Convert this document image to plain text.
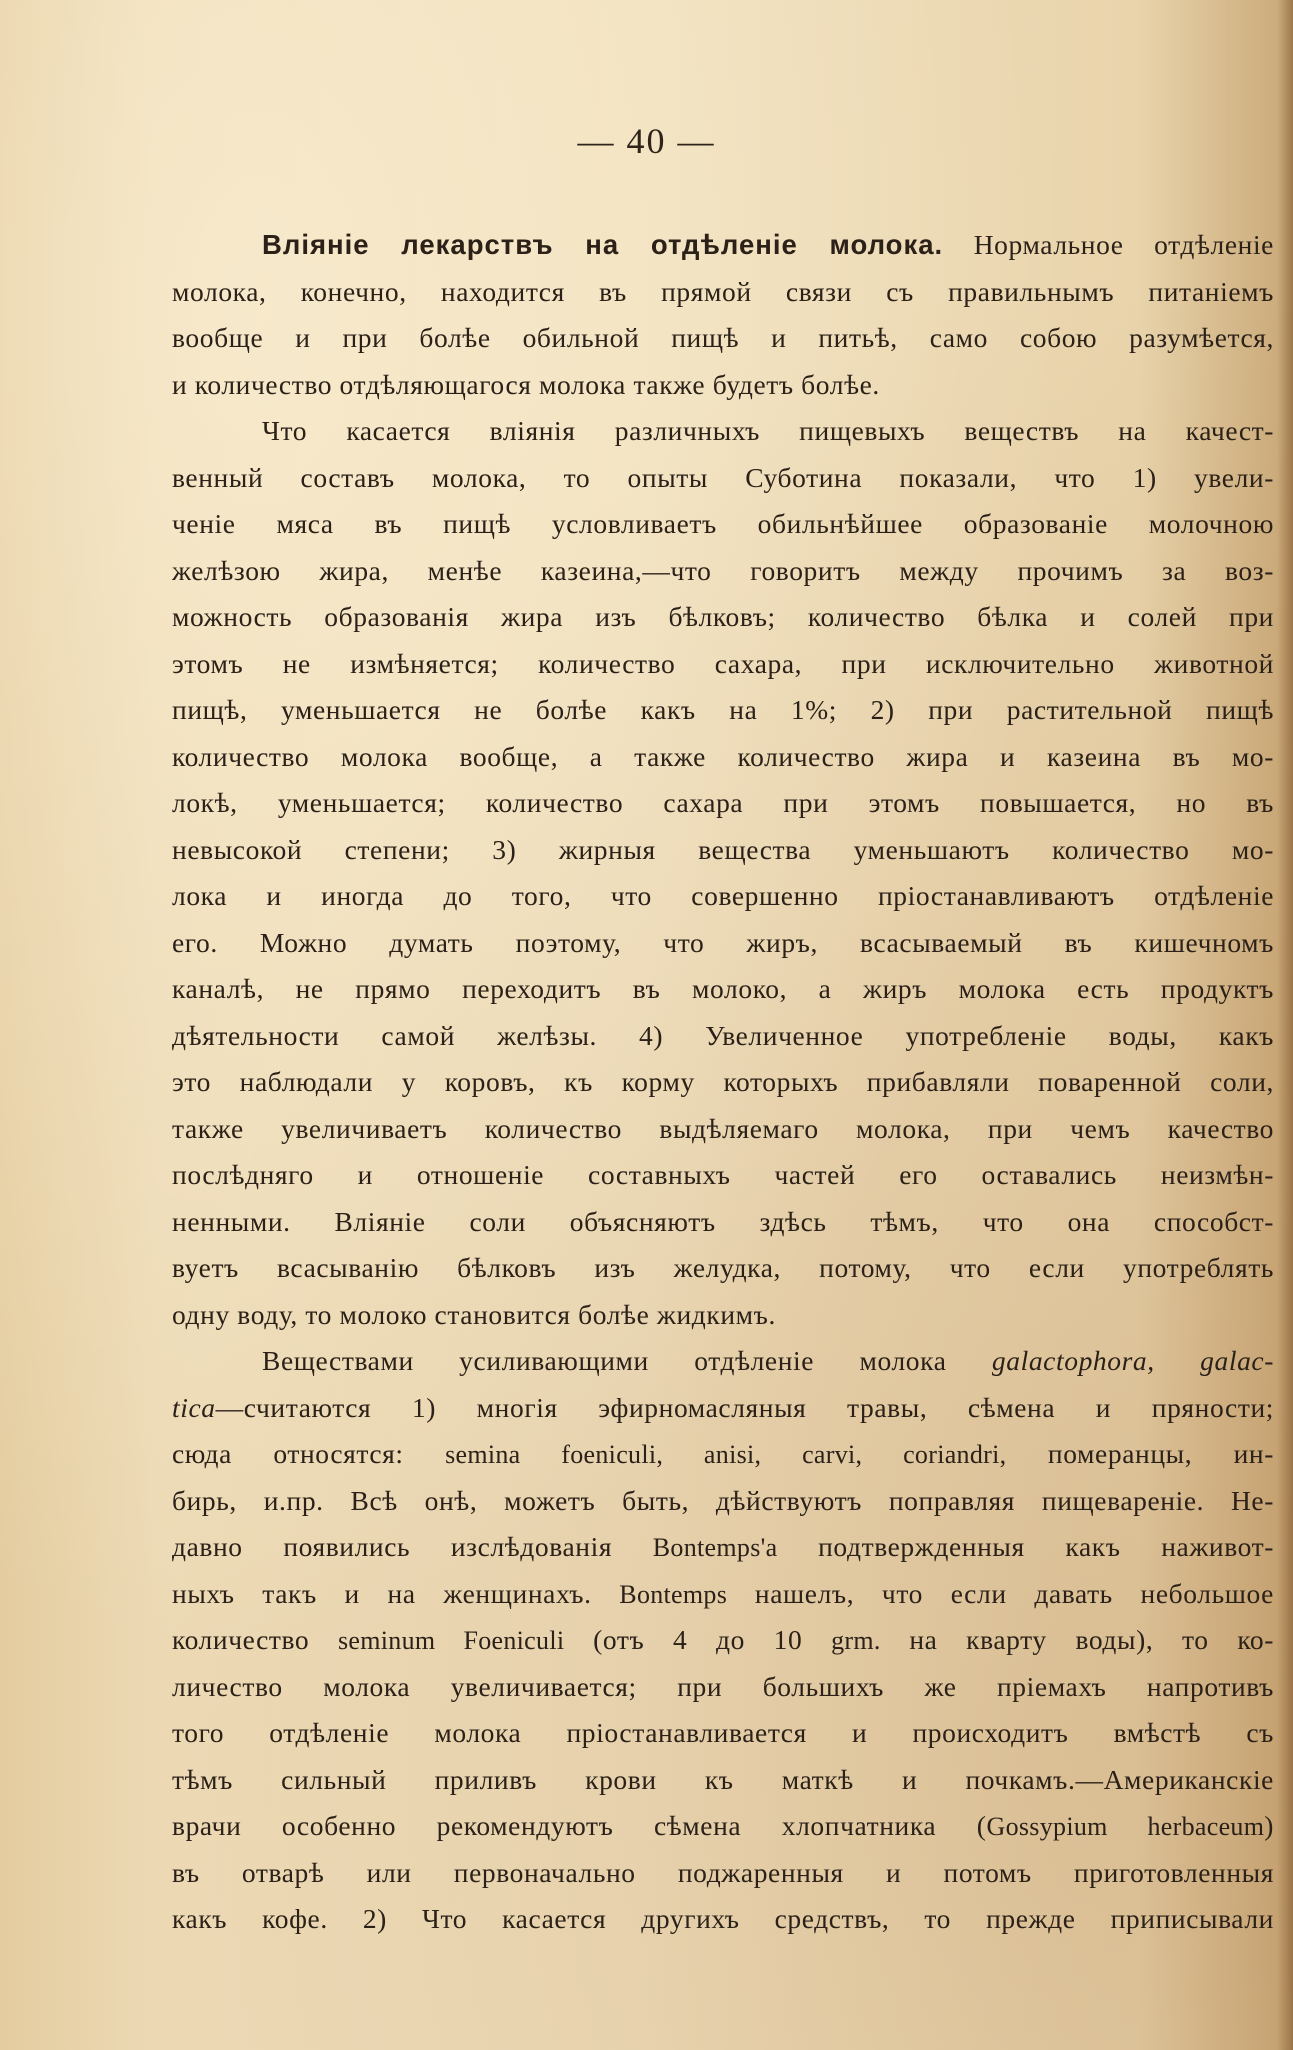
— 40 —
Вліяніе лекарствъ на отдѣленіе молока. Нормальное отдѣленіе
молока, конечно, находится въ прямой связи съ правильнымъ питаніемъ
вообще и при болѣе обильной пищѣ и питьѣ, само собою разумѣется,
и количество отдѣляющагося молока также будетъ болѣе.
Что касается вліянія различныхъ пищевыхъ веществъ на качест-
венный составъ молока, то опыты Суботина показали, что 1) увели-
ченіе мяса въ пищѣ условливаетъ обильнѣйшее образованіе молочною
желѣзою жира, менѣе казеина,—что говоритъ между прочимъ за воз-
можность образованія жира изъ бѣлковъ; количество бѣлка и солей при
этомъ не измѣняется; количество сахара, при исключительно животной
пищѣ, уменьшается не болѣе какъ на 1%; 2) при растительной пищѣ
количество молока вообще, а также количество жира и казеина въ мо-
локѣ, уменьшается; количество сахара при этомъ повышается, но въ
невысокой степени; 3) жирныя вещества уменьшаютъ количество мо-
лока и иногда до того, что совершенно пріостанавливаютъ отдѣленіе
его. Можно думать поэтому, что жиръ, всасываемый въ кишечномъ
каналѣ, не прямо переходитъ въ молоко, а жиръ молока есть продуктъ
дѣятельности самой желѣзы. 4) Увеличенное употребленіе воды, какъ
это наблюдали у коровъ, къ корму которыхъ прибавляли поваренной соли,
также увеличиваетъ количество выдѣляемаго молока, при чемъ качество
послѣдняго и отношеніе составныхъ частей его оставались неизмѣн-
ненными. Вліяніе соли объясняютъ здѣсь тѣмъ, что она способст-
вуетъ всасыванію бѣлковъ изъ желудка, потому, что если употреблять
одну воду, то молоко становится болѣе жидкимъ.
Веществами усиливающими отдѣленіе молока galactophora, galac-
tica—считаются 1) многія эфирномасляныя травы, сѣмена и пряности;
сюда относятся: semina foeniculi, anisi, carvi, coriandri, померанцы, ин-
бирь, и.пр. Всѣ онѣ, можетъ быть, дѣйствуютъ поправляя пищевареніе. Не-
давно появились изслѣдованія Bontemps'а подтвержденныя какъ наживот-
ныхъ такъ и на женщинахъ. Bontemps нашелъ, что если давать небольшое
количество seminum Foeniculi (отъ 4 до 10 grm. на кварту воды), то ко-
личество молока увеличивается; при большихъ же пріемахъ напротивъ
того отдѣленіе молока пріостанавливается и происходитъ вмѣстѣ съ
тѣмъ сильный приливъ крови къ маткѣ и почкамъ.—Американскіе
врачи особенно рекомендуютъ сѣмена хлопчатника (Gossypium herbaceum)
въ отварѣ или первоначально поджаренныя и потомъ приготовленныя
какъ кофе. 2) Что касается другихъ средствъ, то прежде приписывали
